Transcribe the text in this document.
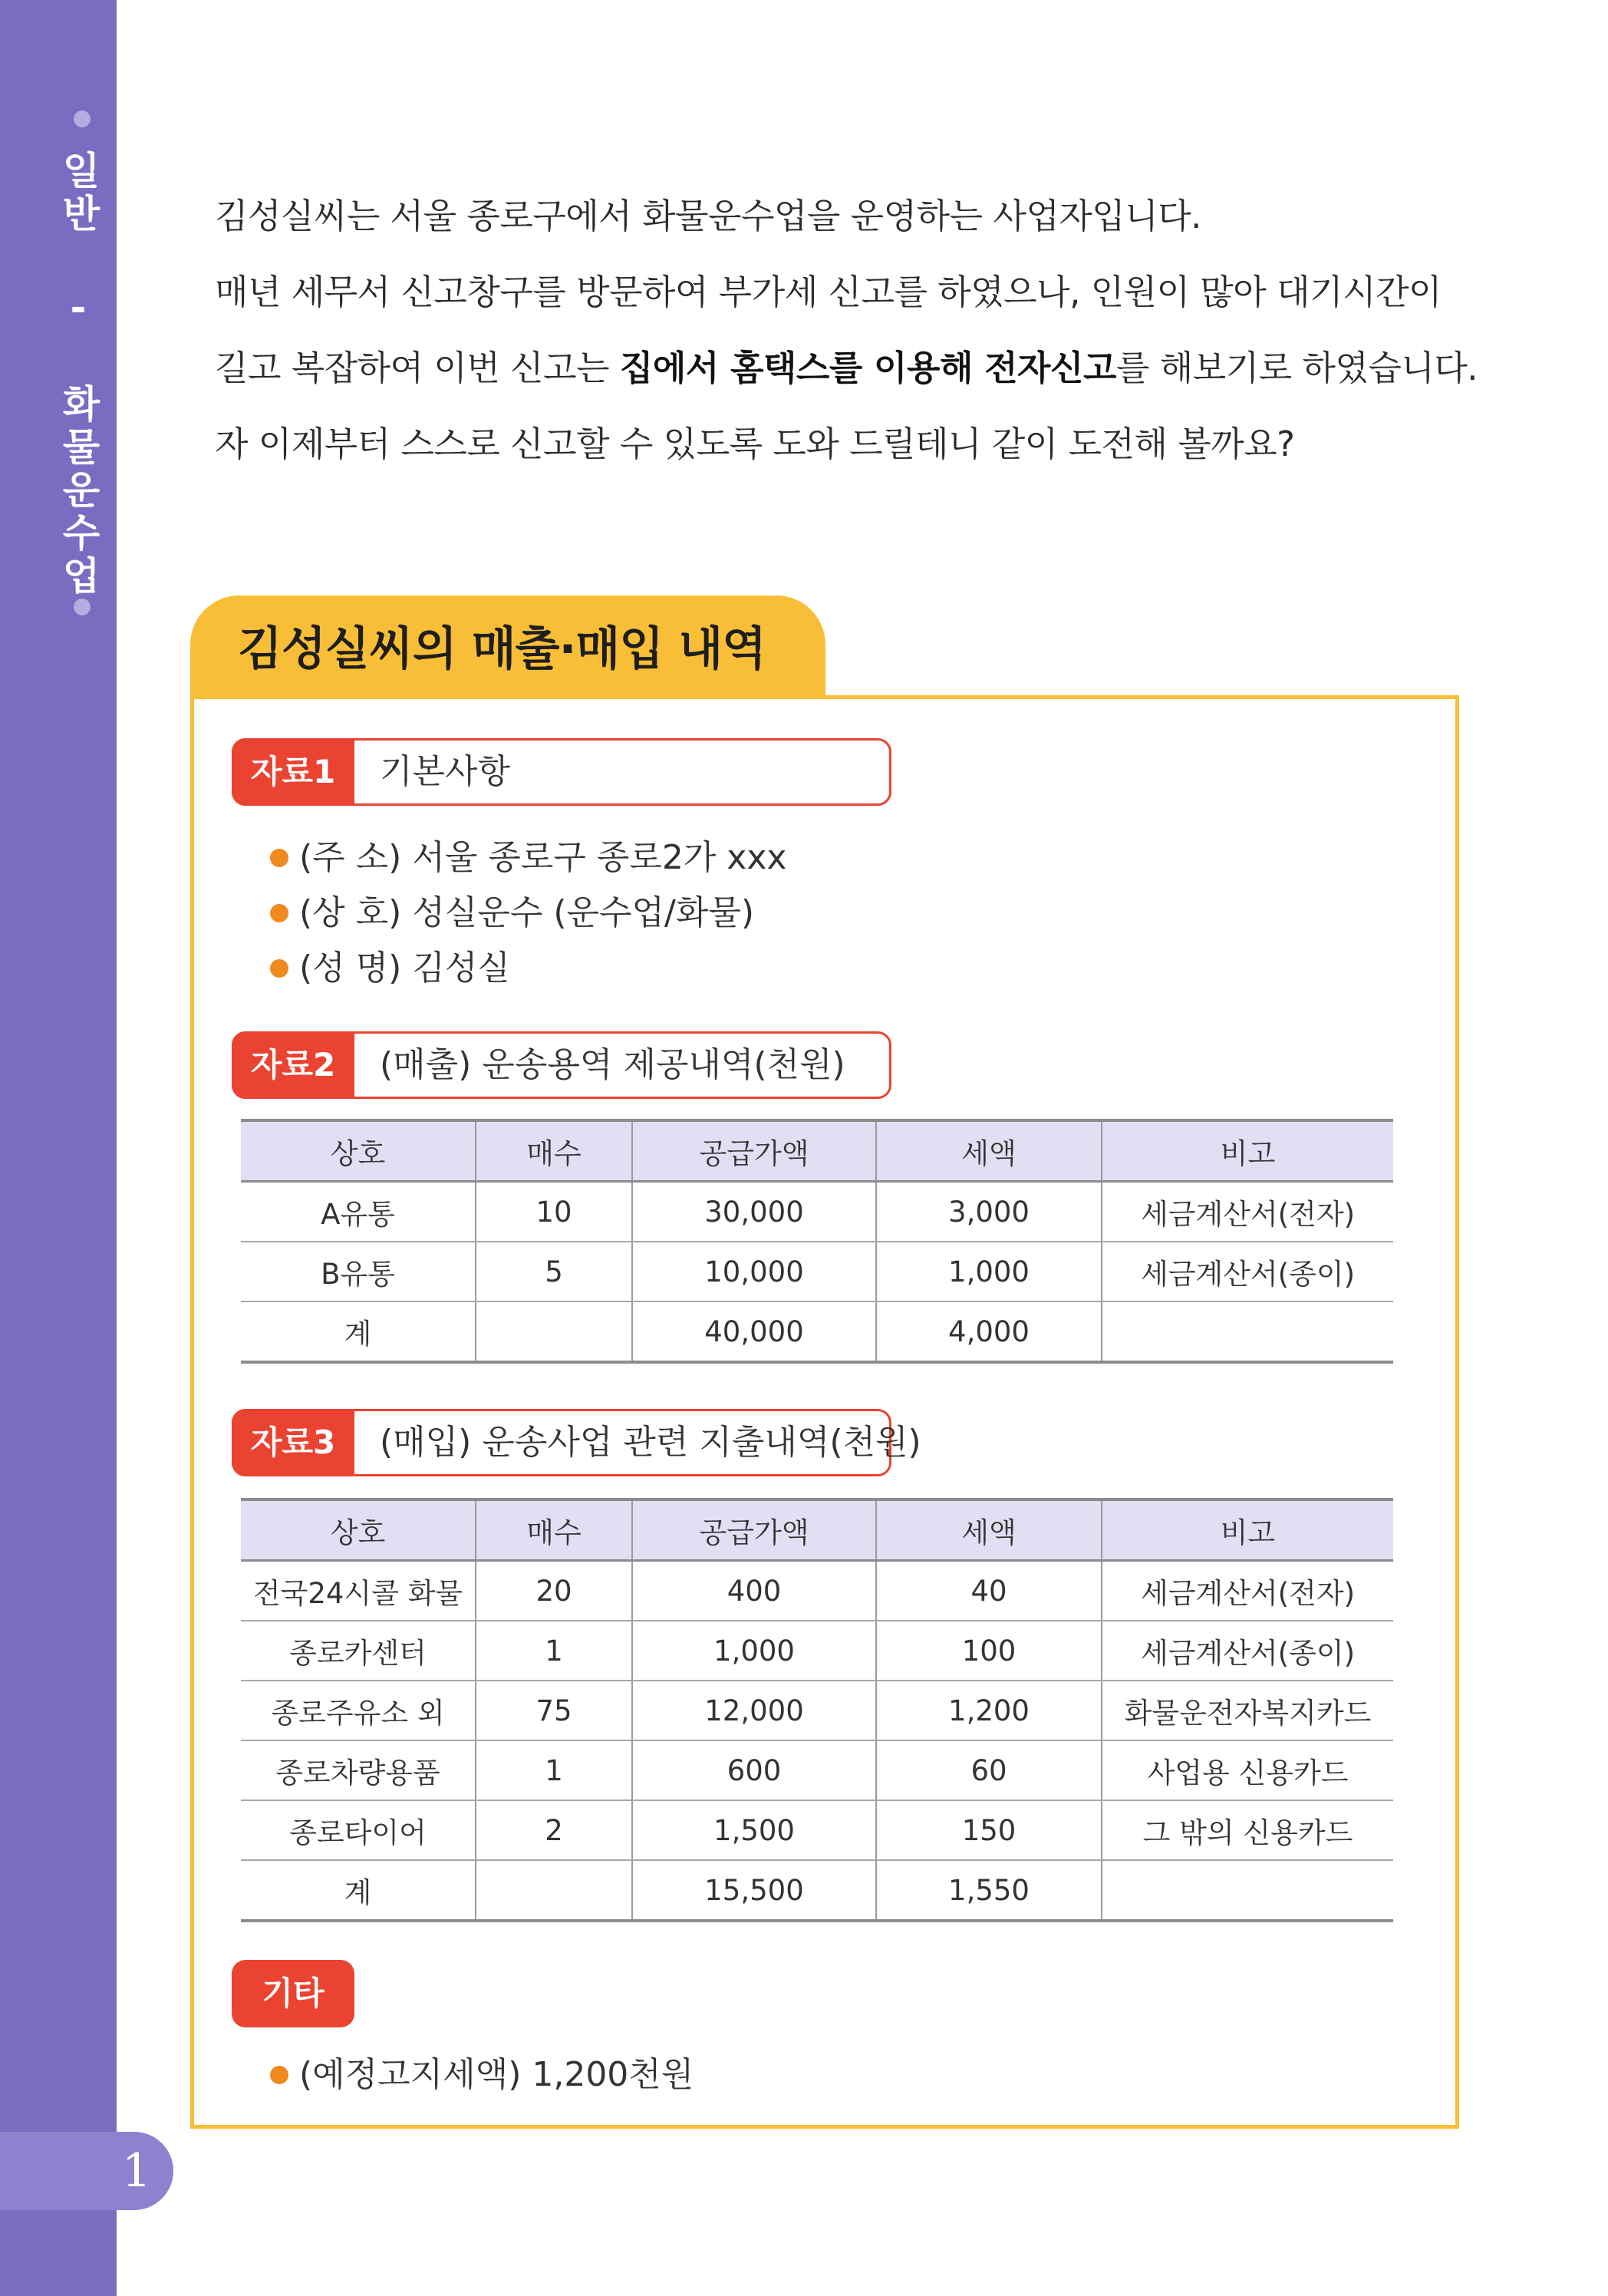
일반 - 화물운수업
1

김성실씨는 서울 종로구에서 화물운수업을 운영하는 사업자입니다.

매년 세무서 신고창구를 방문하여 부가세 신고를 하였으나, 인원이 많아 대기시간이

길고 복잡하여 이번 신고는 집에서 홈택스를 이용해 전자신고를 해보기로 하였습니다.

자 이제부터 스스로 신고할 수 있도록 도와 드릴테니 같이 도전해 볼까요?

김성실씨의 매출·매입 내역
자료1	기본사항
(주 소) 서울 종로구 종로2가 xxx
(상 호) 성실운수 (운수업/화물)
(성 명) 김성실
자료2	(매출) 운송용역 제공내역(천원)
상호	매수	공급가액	세액	비고
A유통	10	30,000	3,000	세금계산서(전자)
B유통	5	10,000	1,000	세금계산서(종이)
계		40,000	4,000	
자료3	(매입) 운송사업 관련 지출내역(천원)
상호	매수	공급가액	세액	비고
전국24시콜 화물	20	400	40	세금계산서(전자)
종로카센터	1	1,000	100	세금계산서(종이)
종로주유소 외	75	12,000	1,200	화물운전자복지카드
종로차량용품	1	600	60	사업용 신용카드
종로타이어	2	1,500	150	그 밖의 신용카드
계		15,500	1,550	
기타
(예정고지세액) 1,200천원
